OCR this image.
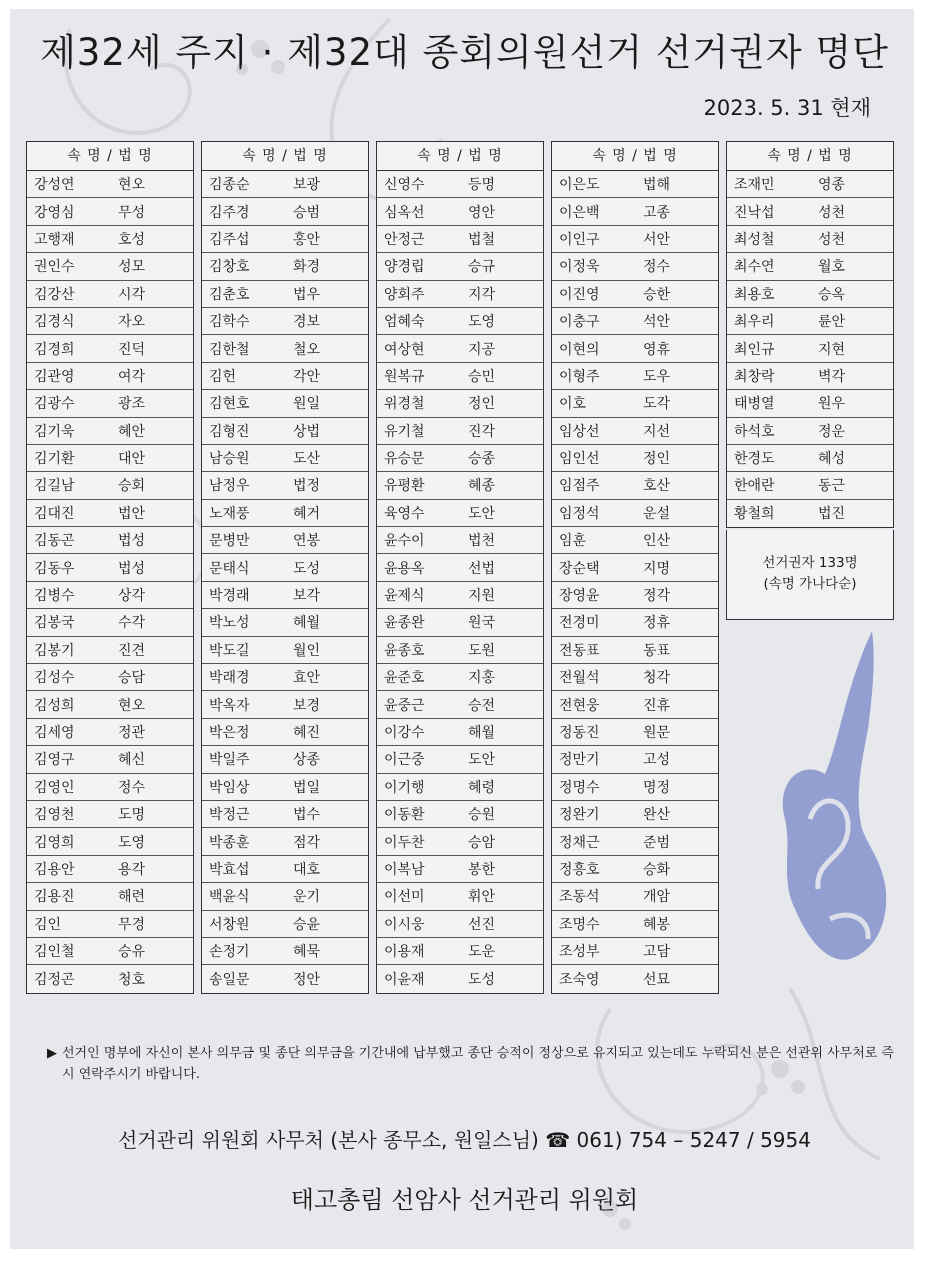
제32세 주지 · 제32대 종회의원선거 선거권자 명단
2023. 5. 31 현재
속 명 / 법 명
강성연	현오
강영심	무성
고행재	호성
권인수	성모
김강산	시각
김경식	자오
김경희	진덕
김관영	여각
김광수	광조
김기욱	혜안
김기환	대안
김길남	승회
김대진	법안
김동곤	법성
김동우	법성
김병수	상각
김봉국	수각
김봉기	진견
김성수	승담
김성희	현오
김세영	정관
김영구	혜신
김영인	정수
김영천	도명
김영희	도영
김용안	용각
김용진	해련
김인	무경
김인철	승유
김정곤	청호
속 명 / 법 명
김종순	보광
김주경	승범
김주섭	홍안
김창호	화경
김춘호	법우
김학수	경보
김한철	철오
김헌	각안
김현호	원일
김형진	상법
남승원	도산
남정우	법정
노재풍	혜거
문병만	연봉
문태식	도성
박경래	보각
박노성	혜월
박도길	월인
박래경	효안
박옥자	보경
박은정	혜진
박일주	상종
박임상	법일
박정근	법수
박종훈	점각
박효섭	대호
백윤식	운기
서창원	승윤
손정기	혜묵
송일문	정안
속 명 / 법 명
신영수	등명
심옥선	영안
안정근	법철
양경립	승규
양회주	지각
엄혜숙	도영
여상현	지공
원복규	승민
위경철	정인
유기철	진각
유승문	승종
유평환	혜종
육영수	도안
윤수이	법천
윤용옥	선법
윤제식	지원
윤종완	원국
윤종호	도원
윤준호	지홍
윤중근	승전
이강수	해월
이근중	도안
이기행	혜령
이동환	승원
이두찬	승암
이복남	봉한
이선미	휘안
이시웅	선진
이용재	도운
이윤재	도성
속 명 / 법 명
이은도	법해
이은백	고종
이인구	서안
이정욱	정수
이진영	승한
이충구	석안
이현의	영휴
이형주	도우
이호	도각
임상선	지선
임인선	정인
임점주	호산
임정석	운설
임훈	인산
장순택	지명
장영윤	정각
전경미	정휴
전동표	동표
전월석	청각
전현웅	진휴
정동진	원문
정만기	고성
정명수	명정
정완기	완산
정채근	준범
정흥호	승화
조동석	개암
조명수	혜봉
조성부	고담
조숙영	선묘
속 명 / 법 명
조재민	영종
진낙섭	성천
최성철	성천
최수연	월호
최용호	승옥
최우리	륜안
최인규	지현
최창락	벽각
태병열	원우
하석호	정운
한경도	혜성
한애란	동근
황철희	법진
선거권자 133명
(속명 가나다순)
▶ 선거인 명부에 자신이 본사 의무금 및 종단 의무금을 기간내에 납부했고 종단 승적이 정상으로 유지되고 있는데도 누락되신 분은 선관위 사무처로 즉시 연락주시기 바랍니다.
선거관리 위원회 사무처 (본사 종무소, 원일스님) ☎ 061) 754 – 5247 / 5954
태고총림 선암사 선거관리 위원회
